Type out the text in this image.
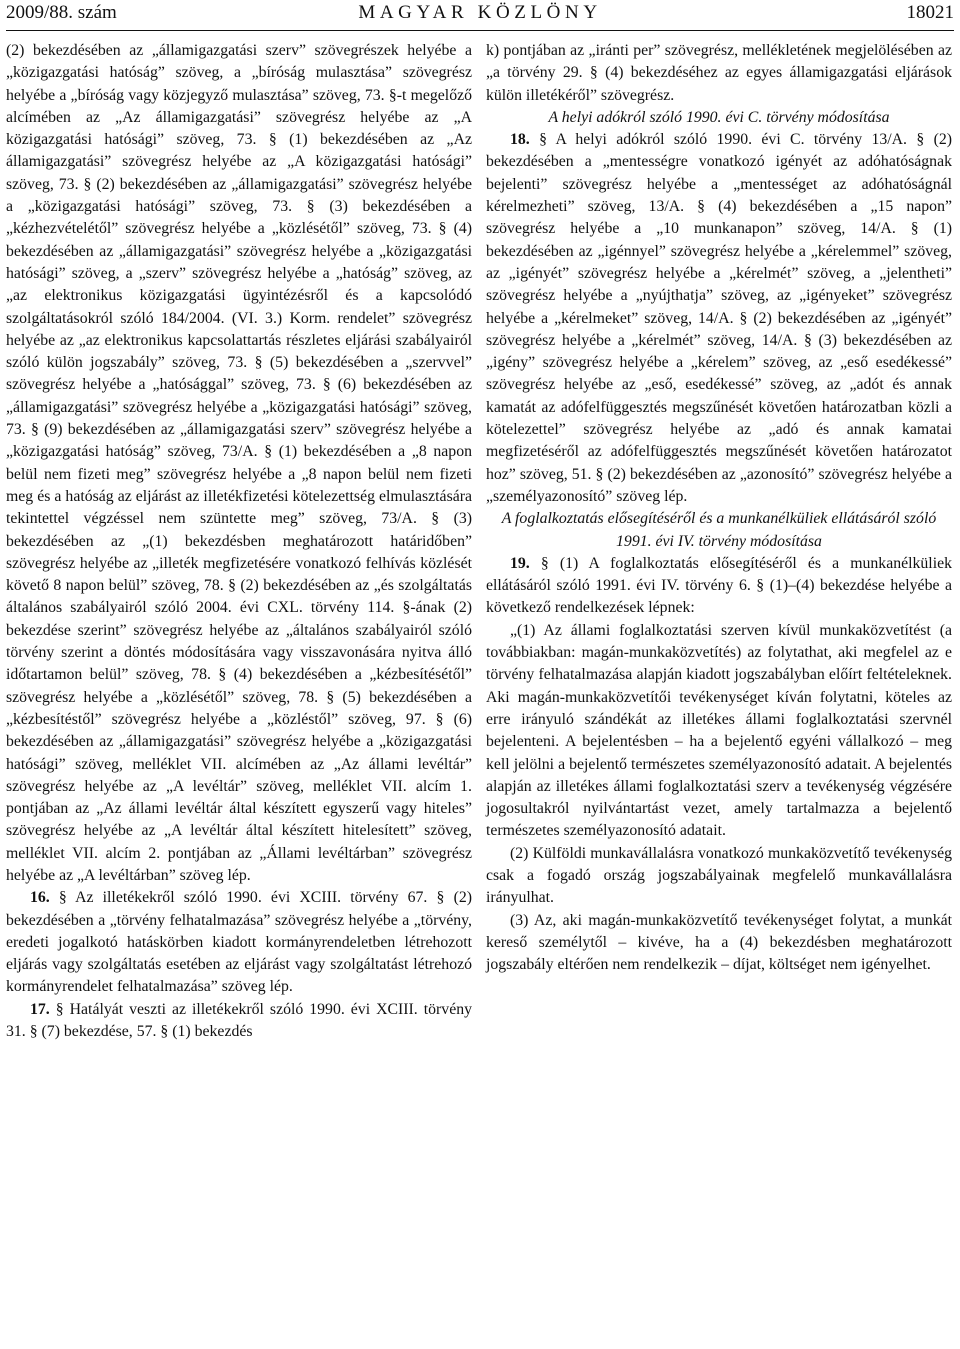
2009/88. szám	MAGYAR KÖZLÖNY	18021

(2) bekezdésében az „államigazgatási szerv” szövegrészek helyébe a „közigazgatási hatóság” szöveg, a „bíróság mulasztása” szövegrész helyébe a „bíróság vagy közjegyző mulasztása” szöveg, 73. §-t megelőző alcímében az „Az államigazgatási” szövegrész helyébe az „A közigazgatási hatósági” szöveg, 73. § (1) bekezdésében az „Az államigazgatási” szövegrész helyébe az „A közigazgatási hatósági” szöveg, 73. § (2) bekezdésében az „államigazgatási” szövegrész helyébe a „közigazgatási hatósági” szöveg, 73. § (3) bekezdésében a „kézhezvételétől” szövegrész helyébe a „közlésétől” szöveg, 73. § (4) bekezdésében az „államigazgatási” szövegrész helyébe a „közigazgatási hatósági” szöveg, a „szerv” szövegrész helyébe a „hatóság” szöveg, az „az elektronikus közigazgatási ügyintézésről és a kapcsolódó szolgáltatásokról szóló 184/2004. (VI. 3.) Korm. rendelet” szövegrész helyébe az „az elektronikus kapcsolattartás részletes eljárási szabályairól szóló külön jogszabály” szöveg, 73. § (5) bekezdésében a „szervvel” szövegrész helyébe a „hatósággal” szöveg, 73. § (6) bekezdésében az „államigazgatási” szövegrész helyébe a „közigazgatási hatósági” szöveg, 73. § (9) bekezdésében az „államigazgatási szerv” szövegrész helyébe a „közigazgatási hatóság” szöveg, 73/A. § (1) bekezdésében a „8 napon belül nem fizeti meg” szövegrész helyébe a „8 napon belül nem fizeti meg és a hatóság az eljárást az illetékfizetési kötelezettség elmulasztására tekintettel végzéssel nem szüntette meg” szöveg, 73/A. § (3) bekezdésében az „(1) bekezdésben meghatározott határidőben” szövegrész helyébe az „illeték megfizetésére vonatkozó felhívás közlését követő 8 napon belül” szöveg, 78. § (2) bekezdésében az „és szolgáltatás általános szabályairól szóló 2004. évi CXL. törvény 114. §-ának (2) bekezdése szerint” szövegrész helyébe az „általános szabályairól szóló törvény szerint a döntés módosítására vagy visszavonására nyitva álló időtartamon belül” szöveg, 78. § (4) bekezdésében a „kézbesítésétől” szövegrész helyébe a „közlésétől” szöveg, 78. § (5) bekezdésében a „kézbesítéstől” szövegrész helyébe a „közléstől” szöveg, 97. § (6) bekezdésében az „államigazgatási” szövegrész helyébe a „közigazgatási hatósági” szöveg, melléklet VII. alcímében az „Az állami levéltár” szövegrész helyébe az „A levéltár” szöveg, melléklet VII. alcím 1. pontjában az „Az állami levéltár által készített egyszerű vagy hiteles” szövegrész helyébe az „A levéltár által készített hitelesített” szöveg, melléklet VII. alcím 2. pontjában az „Állami levéltárban” szövegrész helyébe az „A levéltárban” szöveg lép.

16. § Az illetékekről szóló 1990. évi XCIII. törvény 67. § (2) bekezdésében a „törvény felhatalmazása” szövegrész helyébe a „törvény, eredeti jogalkotó hatáskörben kiadott kormányrendeletben létrehozott eljárás vagy szolgáltatás esetében az eljárást vagy szolgáltatást létrehozó kormányrendelet felhatalmazása” szöveg lép.

17. § Hatályát veszti az illetékekről szóló 1990. évi XCIII. törvény 31. § (7) bekezdése, 57. § (1) bekezdés

k) pontjában az „iránti per” szövegrész, mellékletének megjelölésében az „a törvény 29. § (4) bekezdéséhez az egyes államigazgatási eljárások külön illetékéről” szövegrész.

A helyi adókról szóló 1990. évi C. törvény módosítása

18. § A helyi adókról szóló 1990. évi C. törvény 13/A. § (2) bekezdésében a „mentességre vonatkozó igényét az adóhatóságnak bejelenti” szövegrész helyébe a „mentességet az adóhatóságnál kérelmezheti” szöveg, 13/A. § (4) bekezdésében a „15 napon” szövegrész helyébe a „10 munkanapon” szöveg, 14/A. § (1) bekezdésében az „igénnyel” szövegrész helyébe a „kérelemmel” szöveg, az „igényét” szövegrész helyébe a „kérelmét” szöveg, a „jelentheti” szövegrész helyébe a „nyújthatja” szöveg, az „igényeket” szövegrész helyébe a „kérelmeket” szöveg, 14/A. § (2) bekezdésében az „igényét” szövegrész helyébe a „kérelmét” szöveg, 14/A. § (3) bekezdésében az „igény” szövegrész helyébe a „kérelem” szöveg, az „eső esedékessé” szövegrész helyébe az „eső, esedékessé” szöveg, az „adót és annak kamatát az adófelfüggesztés megszűnését követően határozatban közli a kötelezettel” szövegrész helyébe az „adó és annak kamatai megfizetéséről az adófelfüggesztés megszűnését követően határozatot hoz” szöveg, 51. § (2) bekezdésében az „azonosító” szövegrész helyébe a „személyazonosító” szöveg lép.

A foglalkoztatás elősegítéséről és a munkanélküliek ellátásáról szóló 1991. évi IV. törvény módosítása

19. § (1) A foglalkoztatás elősegítéséről és a munkanélküliek ellátásáról szóló 1991. évi IV. törvény 6. § (1)–(4) bekezdése helyébe a következő rendelkezések lépnek:

„(1) Az állami foglalkoztatási szerven kívül munkaközvetítést (a továbbiakban: magán-munkaközvetítés) az folytathat, aki megfelel az e törvény felhatalmazása alapján kiadott jogszabályban előírt feltételeknek. Aki magán-munkaközvetítői tevékenységet kíván folytatni, köteles az erre irányuló szándékát az illetékes állami foglalkoztatási szervnél bejelenteni. A bejelentésben – ha a bejelentő egyéni vállalkozó – meg kell jelölni a bejelentő természetes személyazonosító adatait. A bejelentés alapján az illetékes állami foglalkoztatási szerv a tevékenység végzésére jogosultakról nyilvántartást vezet, amely tartalmazza a bejelentő természetes személyazonosító adatait.

(2) Külföldi munkavállalásra vonatkozó munkaközvetítő tevékenység csak a fogadó ország jogszabályainak megfelelő munkavállalásra irányulhat.

(3) Az, aki magán-munkaközvetítő tevékenységet folytat, a munkát kereső személytől – kivéve, ha a (4) bekezdésben meghatározott jogszabály eltérően nem rendelkezik – díjat, költséget nem igényelhet.
